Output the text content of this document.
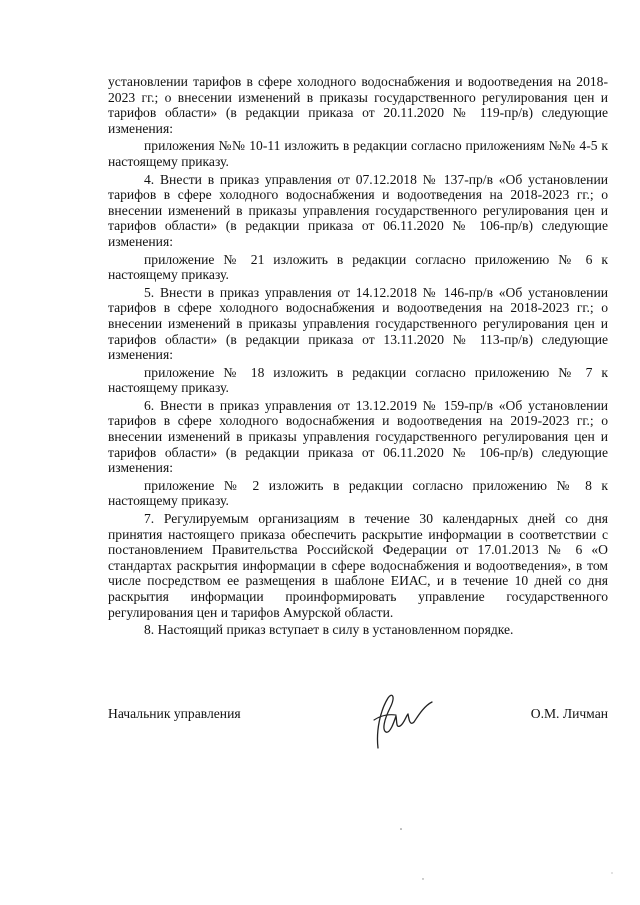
установлении тарифов в сфере холодного водоснабжения и водоотведения на 2018-2023 гг.; о внесении изменений в приказы государственного регулирования цен и тарифов области» (в редакции приказа от 20.11.2020 № 119-пр/в) следующие изменения:

приложения №№ 10-11 изложить в редакции согласно приложениям №№ 4-5 к настоящему приказу.

4. Внести в приказ управления от 07.12.2018 № 137-пр/в «Об установлении тарифов в сфере холодного водоснабжения и водоотведения на 2018-2023 гг.; о внесении изменений в приказы управления государственного регулирования цен и тарифов области» (в редакции приказа от 06.11.2020 № 106-пр/в) следующие изменения:

приложение № 21 изложить в редакции согласно приложению № 6 к настоящему приказу.

5. Внести в приказ управления от 14.12.2018 № 146-пр/в «Об установлении тарифов в сфере холодного водоснабжения и водоотведения на 2018-2023 гг.; о внесении изменений в приказы управления государственного регулирования цен и тарифов области» (в редакции приказа от 13.11.2020 № 113-пр/в) следующие изменения:

приложение № 18 изложить в редакции согласно приложению № 7 к настоящему приказу.

6. Внести в приказ управления от 13.12.2019 № 159-пр/в «Об установлении тарифов в сфере холодного водоснабжения и водоотведения на 2019-2023 гг.; о внесении изменений в приказы управления государственного регулирования цен и тарифов области» (в редакции приказа от 06.11.2020 № 106-пр/в) следующие изменения:

приложение № 2 изложить в редакции согласно приложению № 8 к настоящему приказу.

7. Регулируемым организациям в течение 30 календарных дней со дня принятия настоящего приказа обеспечить раскрытие информации в соответствии с постановлением Правительства Российской Федерации от 17.01.2013 № 6 «О стандартах раскрытия информации в сфере водоснабжения и водоотведения», в том числе посредством ее размещения в шаблоне ЕИАС, и в течение 10 дней со дня раскрытия информации проинформировать управление государственного регулирования цен и тарифов Амурской области.

8. Настоящий приказ вступает в силу в установленном порядке.

Начальник управления	О.М. Личман
